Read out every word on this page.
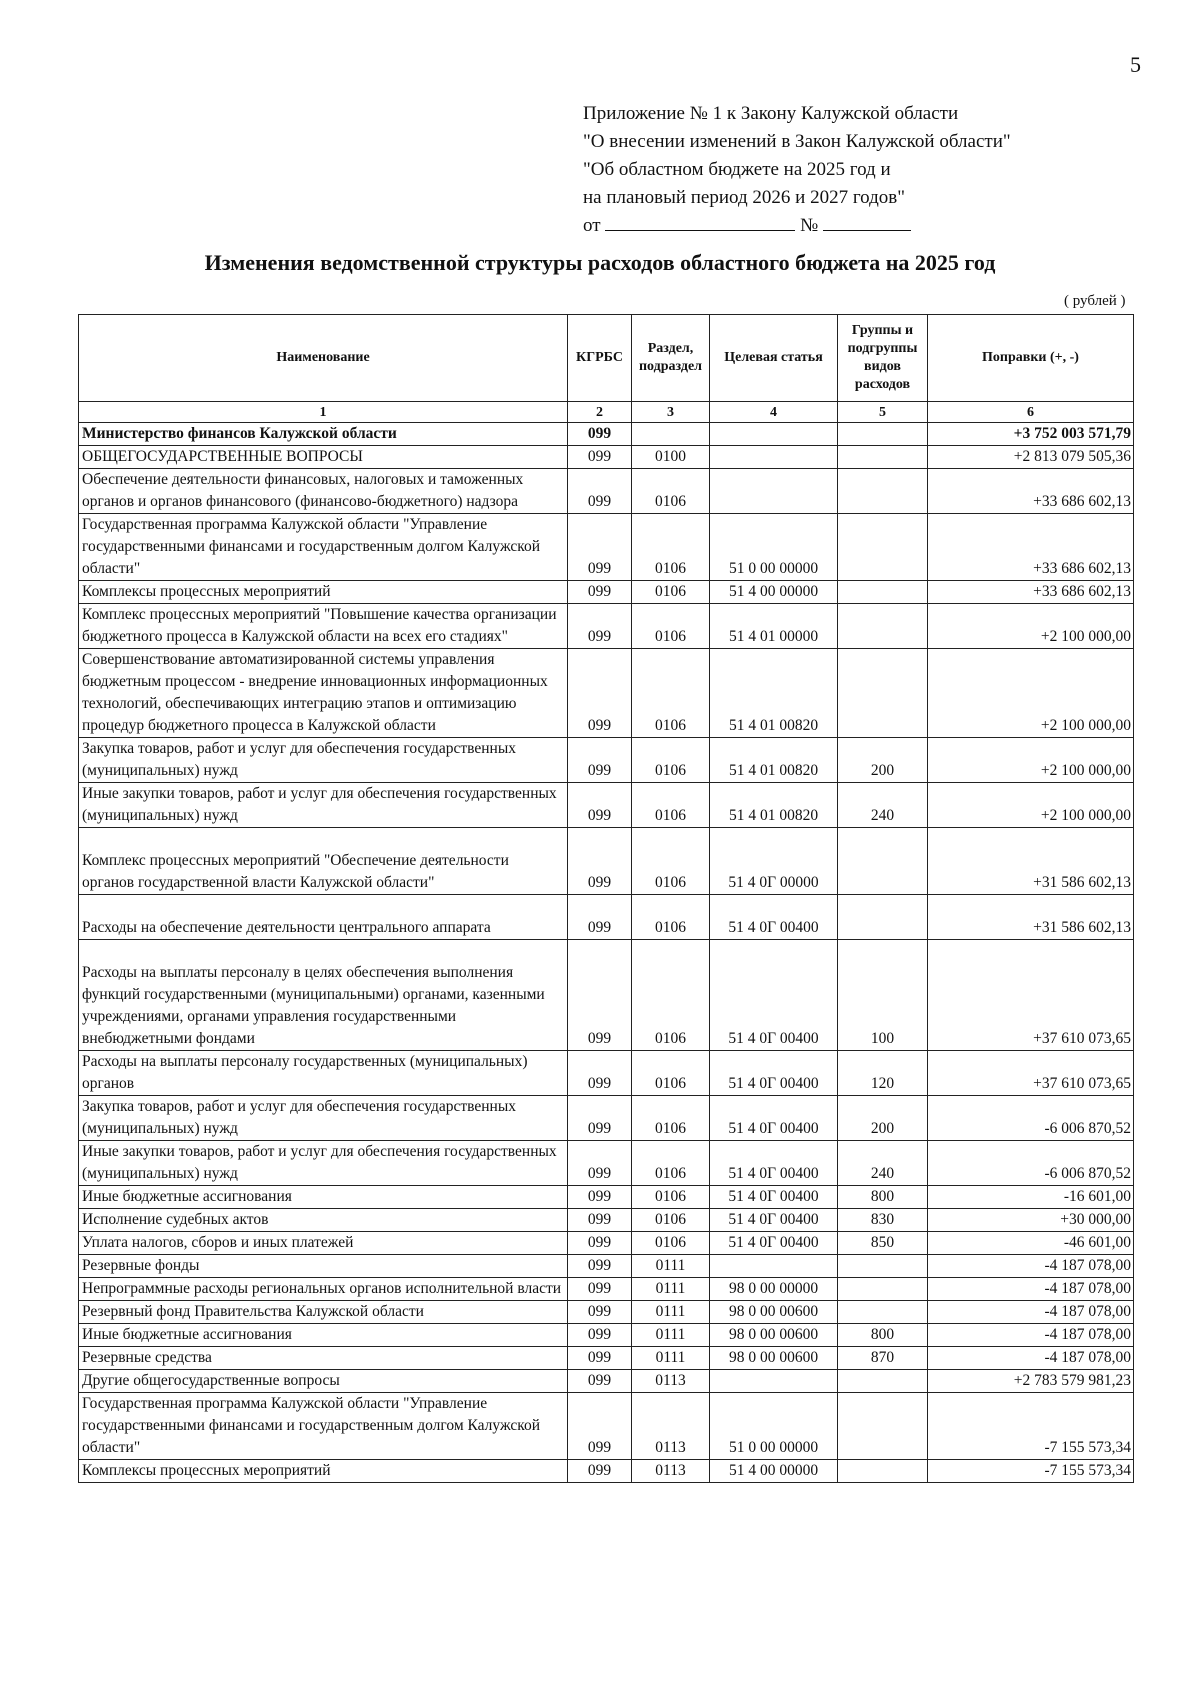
5
Приложение № 1 к Закону Калужской области
"О внесении изменений в Закон Калужской области"
"Об областном бюджете на 2025 год и
на плановый период 2026 и 2027 годов"
от	№
Изменения ведомственной структуры расходов областного бюджета на 2025 год
( рублей )
Наименование	КГРБС	Раздел, подраздел	Целевая статья	Группы и подгруппы видов расходов	Поправки (+, -)
1	2	3	4	5	6
Министерство финансов Калужской области	099				+3 752 003 571,79
ОБЩЕГОСУДАРСТВЕННЫЕ ВОПРОСЫ	099	0100			+2 813 079 505,36
Обеспечение деятельности финансовых, налоговых и таможенных органов и органов финансового (финансово-бюджетного) надзора	099	0106			+33 686 602,13
Государственная программа Калужской области "Управление государственными финансами и государственным долгом Калужской области"	099	0106	51 0 00 00000		+33 686 602,13
Комплексы процессных мероприятий	099	0106	51 4 00 00000		+33 686 602,13
Комплекс процессных мероприятий "Повышение качества организации бюджетного процесса в Калужской области на всех его стадиях"	099	0106	51 4 01 00000		+2 100 000,00
Совершенствование автоматизированной системы управления бюджетным процессом - внедрение инновационных информационных технологий, обеспечивающих интеграцию этапов и оптимизацию процедур бюджетного процесса в Калужской области	099	0106	51 4 01 00820		+2 100 000,00
Закупка товаров, работ и услуг для обеспечения государственных (муниципальных) нужд	099	0106	51 4 01 00820	200	+2 100 000,00
Иные закупки товаров, работ и услуг для обеспечения государственных (муниципальных) нужд	099	0106	51 4 01 00820	240	+2 100 000,00
Комплекс процессных мероприятий "Обеспечение деятельности органов государственной власти Калужской области"	099	0106	51 4 0Г 00000		+31 586 602,13
Расходы на обеспечение деятельности центрального аппарата	099	0106	51 4 0Г 00400		+31 586 602,13
Расходы на выплаты персоналу в целях обеспечения выполнения функций государственными (муниципальными) органами, казенными учреждениями, органами управления государственными внебюджетными фондами	099	0106	51 4 0Г 00400	100	+37 610 073,65
Расходы на выплаты персоналу государственных (муниципальных) органов	099	0106	51 4 0Г 00400	120	+37 610 073,65
Закупка товаров, работ и услуг для обеспечения государственных (муниципальных) нужд	099	0106	51 4 0Г 00400	200	-6 006 870,52
Иные закупки товаров, работ и услуг для обеспечения государственных (муниципальных) нужд	099	0106	51 4 0Г 00400	240	-6 006 870,52
Иные бюджетные ассигнования	099	0106	51 4 0Г 00400	800	-16 601,00
Исполнение судебных актов	099	0106	51 4 0Г 00400	830	+30 000,00
Уплата налогов, сборов и иных платежей	099	0106	51 4 0Г 00400	850	-46 601,00
Резервные фонды	099	0111			-4 187 078,00
Непрограммные расходы региональных органов исполнительной власти	099	0111	98 0 00 00000		-4 187 078,00
Резервный фонд Правительства Калужской области	099	0111	98 0 00 00600		-4 187 078,00
Иные бюджетные ассигнования	099	0111	98 0 00 00600	800	-4 187 078,00
Резервные средства	099	0111	98 0 00 00600	870	-4 187 078,00
Другие общегосударственные вопросы	099	0113			+2 783 579 981,23
Государственная программа Калужской области "Управление государственными финансами и государственным долгом Калужской области"	099	0113	51 0 00 00000		-7 155 573,34
Комплексы процессных мероприятий	099	0113	51 4 00 00000		-7 155 573,34
